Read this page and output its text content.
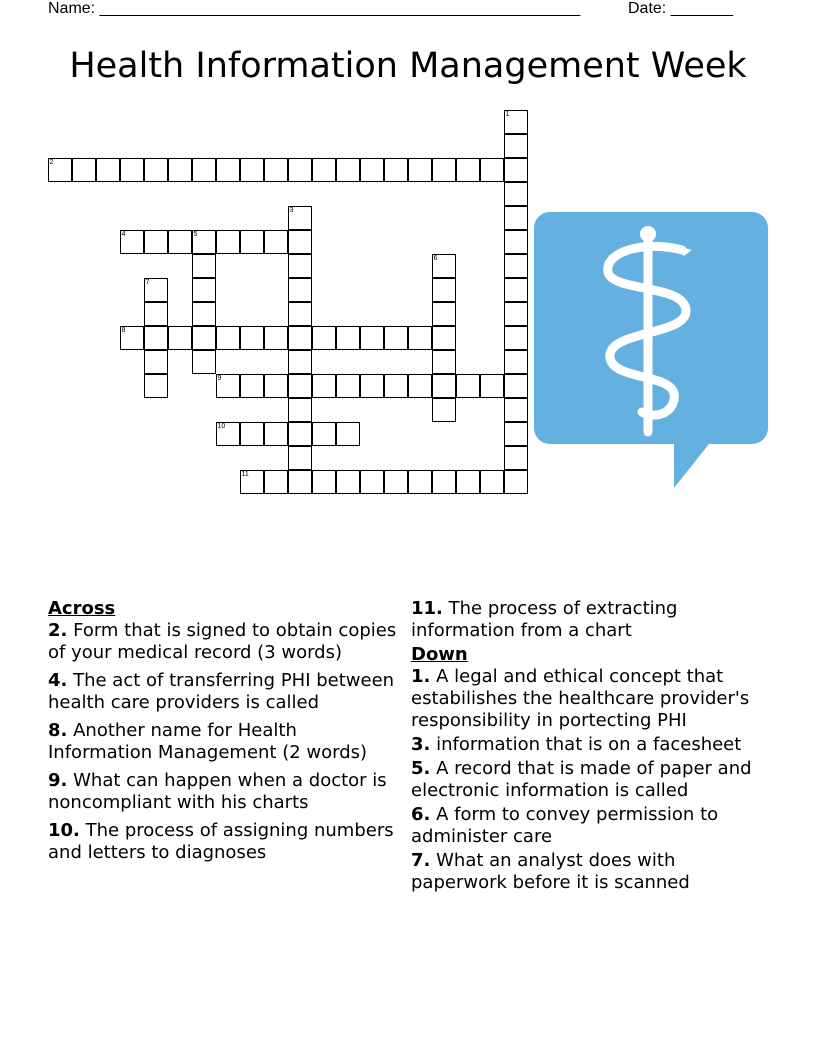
Name: ______________________________________________________	Date: _______
Health Information Management Week
1
2
3
4	5
6
7
8
9
10
11
Across
2. Form that is signed to obtain copies of your medical record (3 words)
4. The act of transferring PHI between health care providers is called
8. Another name for Health Information Management (2 words)
9. What can happen when a doctor is noncompliant with his charts
10. The process of assigning numbers and letters to diagnoses
11. The process of extracting information from a chart
Down
1. A legal and ethical concept that estabilishes the healthcare provider's responsibility in portecting PHI
3. information that is on a facesheet
5. A record that is made of paper and electronic information is called
6. A form to convey permission to administer care
7. What an analyst does with paperwork before it is scanned
